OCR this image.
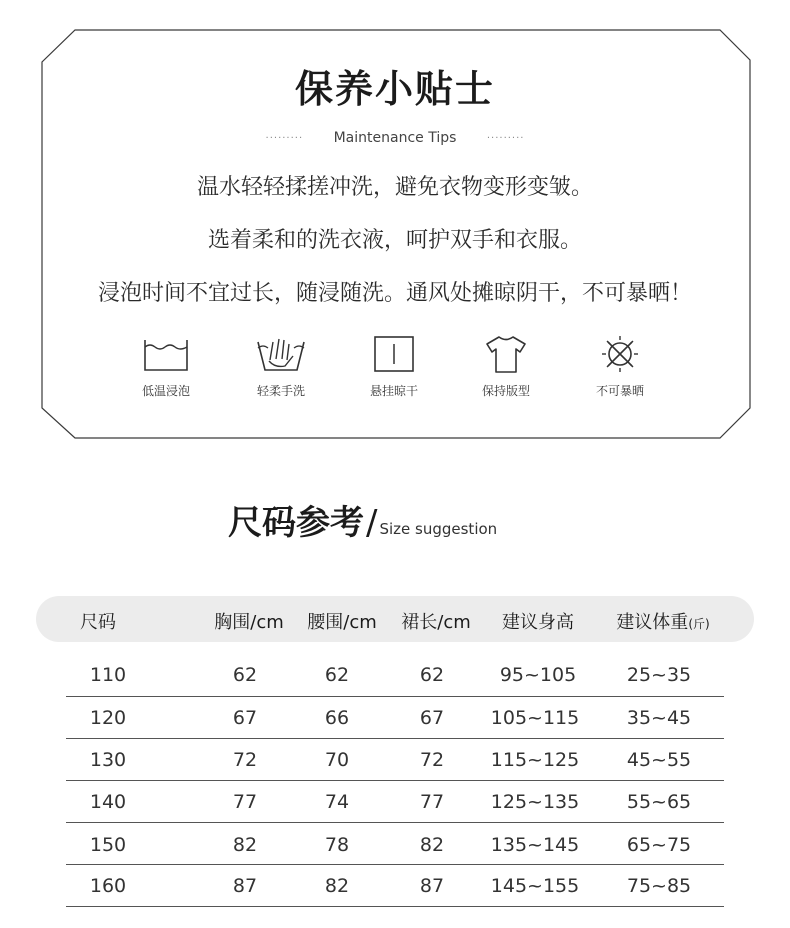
保养小贴士
········· Maintenance Tips	·········
温水轻轻揉搓冲洗，避免衣物变形变皱。
选着柔和的洗衣液，呵护双手和衣服。
浸泡时间不宜过长，随浸随洗。通风处摊晾阴干，不可暴晒！
低温浸泡	轻柔手洗	悬挂晾干	保持版型	不可暴晒
尺码参考/ Size suggestion
尺码	胸围/cm 腰围/cm 裙长/cm 建议身高 建议体重(斤)
110	62	62	62	95~105	25~35
120	67	66	67 105~115	35~45
130	72	70	72 115~125	45~55
140	77	74	77 125~135	55~65
150	82	78	82 135~145	65~75
160	87	82	87 145~155	75~85
